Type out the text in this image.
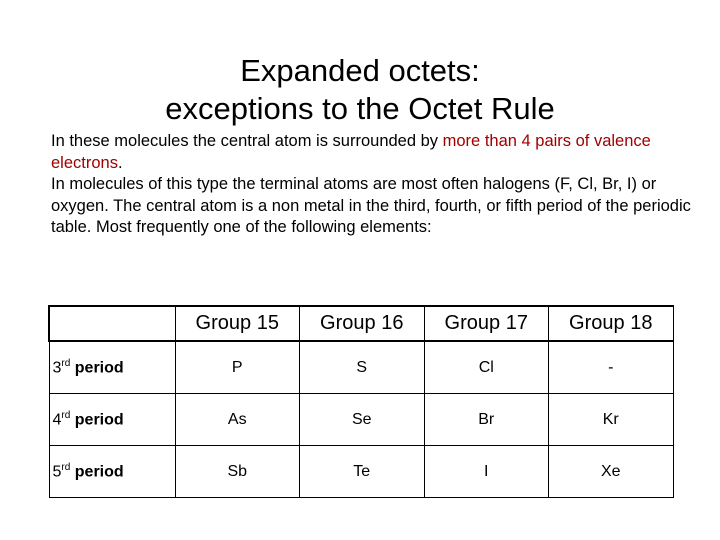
Expanded octets:
exceptions to the Octet Rule

In these molecules the central atom is surrounded by more than 4 pairs of valence electrons.

In molecules of this type the terminal atoms are most often halogens (F, Cl, Br, I) or oxygen. The central atom is a non metal in the third, fourth, or fifth period of the periodic table. Most frequently one of the following elements:

	Group 15	Group 16	Group 17	Group 18
3rd period	P	S	Cl	-
4rd period	As	Se	Br	Kr
5rd period	Sb	Te	I	Xe
